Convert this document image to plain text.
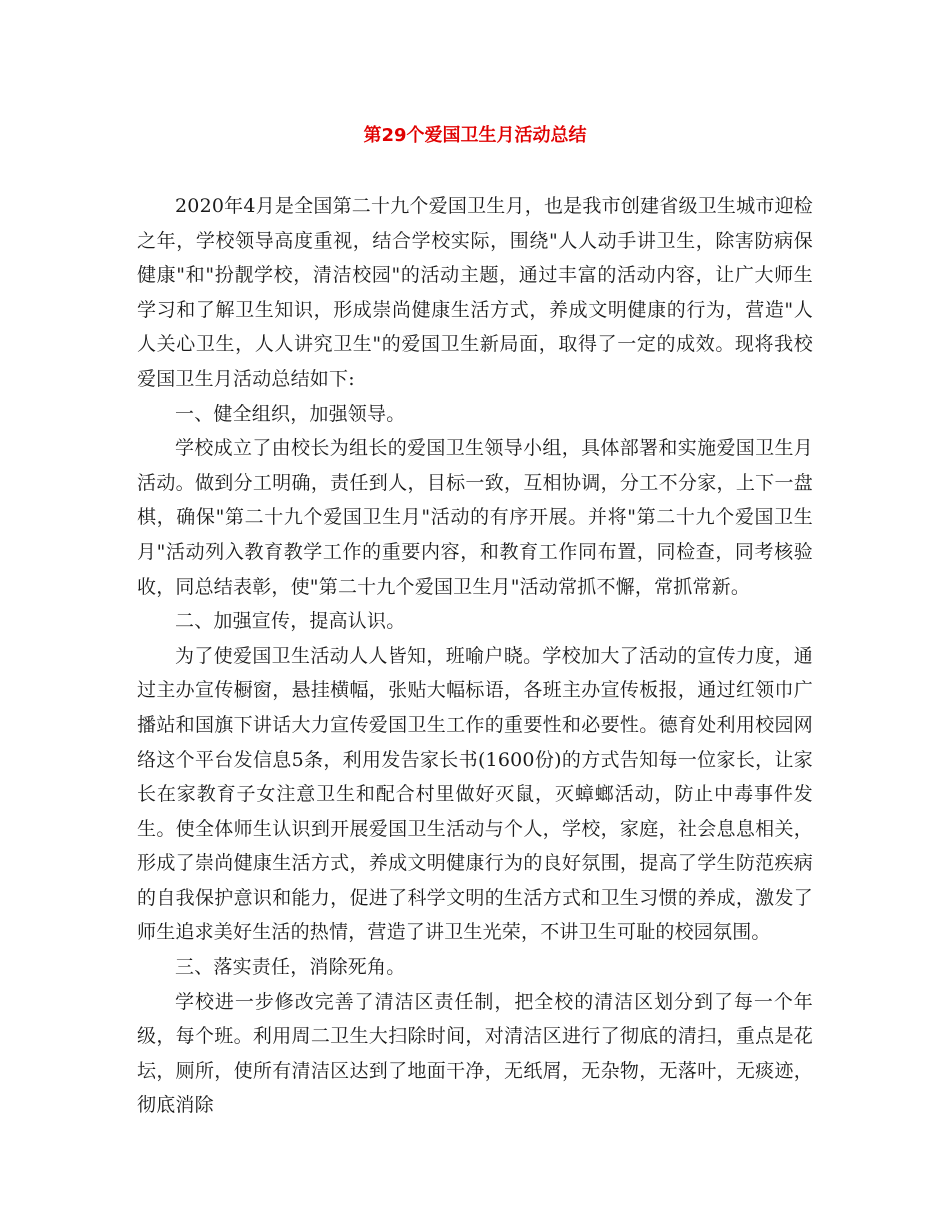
第29个爱国卫生月活动总结

2020年4月是全国第二十九个爱国卫生月，也是我市创建省级卫生城市迎检之年，学校领导高度重视，结合学校实际，围绕"人人动手讲卫生，除害防病保健康"和"扮靓学校，清洁校园"的活动主题，通过丰富的活动内容，让广大师生学习和了解卫生知识，形成崇尚健康生活方式，养成文明健康的行为，营造"人人关心卫生，人人讲究卫生"的爱国卫生新局面，取得了一定的成效。现将我校爱国卫生月活动总结如下:

一、健全组织，加强领导。

学校成立了由校长为组长的爱国卫生领导小组，具体部署和实施爱国卫生月活动。做到分工明确，责任到人，目标一致，互相协调，分工不分家，上下一盘棋，确保"第二十九个爱国卫生月"活动的有序开展。并将"第二十九个爱国卫生月"活动列入教育教学工作的重要内容，和教育工作同布置，同检查，同考核验收，同总结表彰，使"第二十九个爱国卫生月"活动常抓不懈，常抓常新。

二、加强宣传，提高认识。

为了使爱国卫生活动人人皆知，班喻户晓。学校加大了活动的宣传力度，通过主办宣传橱窗，悬挂横幅，张贴大幅标语，各班主办宣传板报，通过红领巾广播站和国旗下讲话大力宣传爱国卫生工作的重要性和必要性。德育处利用校园网络这个平台发信息5条，利用发告家长书(1600份)的方式告知每一位家长，让家长在家教育子女注意卫生和配合村里做好灭鼠，灭蟑螂活动，防止中毒事件发生。使全体师生认识到开展爱国卫生活动与个人，学校，家庭，社会息息相关，形成了崇尚健康生活方式，养成文明健康行为的良好氛围，提高了学生防范疾病的自我保护意识和能力，促进了科学文明的生活方式和卫生习惯的养成，激发了师生追求美好生活的热情，营造了讲卫生光荣，不讲卫生可耻的校园氛围。

三、落实责任，消除死角。

学校进一步修改完善了清洁区责任制，把全校的清洁区划分到了每一个年级，每个班。利用周二卫生大扫除时间，对清洁区进行了彻底的清扫，重点是花坛，厕所，使所有清洁区达到了地面干净，无纸屑，无杂物，无落叶，无痰迹，彻底消除
